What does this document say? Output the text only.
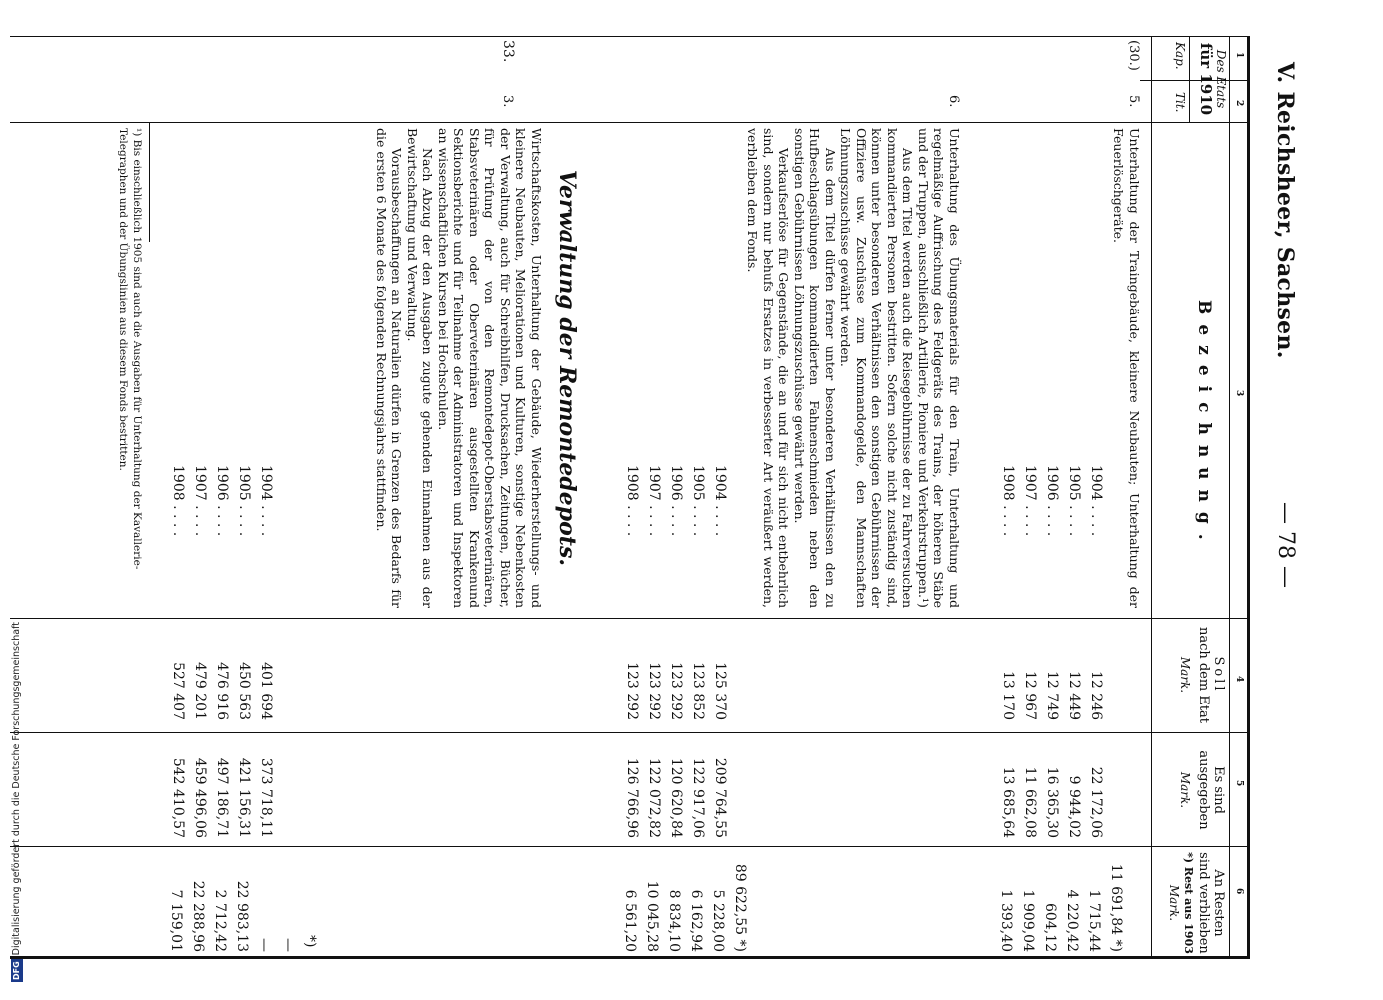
DFGDigitalisierung gefördert durch die Deutsche Forschungsgemeinschaft
V. Reichsheer, Sachsen.
— 78 —
1
2
3
4
5
6
Des Etats
für 1910
Kap.
Tit.
Bezeichnung.
Soll
nach dem Etat
Mark.
Es sind
ausgegeben
Mark.
An Resten
sind verblieben
*) Rest aus 1903
Mark.
(30.)
5.
Unterhaltung der Traingebäude, kleinere Neubauten; Unterhaltung der Feuerlöschgeräte.
1904 . . . .
1905 . . . .
1906 . . . .
1907 . . . .
1908 . . . .
12 246
12 449
12 749
12 967
13 170
22 172,06
9 944,02
16 365,30
11 662,08
13 685,64
11 691,84 *)
1 715,44
4 220,42
604,12
1 909,04
1 393,40
6.
Unterhaltung des Übungsmaterials für den Train, Unterhaltung und regelmäßige Auffrischung des Feldgeräts des Trains, der höheren Stäbe und der Truppen, ausschließlich Artillerie, Pioniere und Verkehrstruppen.¹)
Aus dem Titel werden auch die Reisegebührnisse der zu Fahrversuchen kommandierten Personen bestritten. Sofern solche nicht zuständig sind, können unter besonderen Verhältnissen den sonstigen Gebührnissen der Offiziere usw. Zuschüsse zum Kommandogelde, den Mannschaften Löhnungszuschüsse gewährt werden.
Aus dem Titel dürfen ferner unter besonderen Verhältnissen den zu Hufbeschlagsübungen kommandierten Fahnenschmieden neben den sonstigen Gebührnissen Löhnungszuschüsse gewährt werden.
Verkaufserlöse für Gegenstände, die an und für sich nicht entbehrlich sind, sondern nur behufs Ersatzes in verbesserter Art veräußert werden, verbleiben dem Fonds.
1904 . . . .
1905 . . . .
1906 . . . .
1907 . . . .
1908 . . . .
125 370
123 852
123 292
123 292
123 292
209 764,55
122 917,06
120 620,84
122 072,82
126 766,96
89 622,55 *)
5 228,00
6 162,94
8 834,10
10 045,28
6 561,20
33.
Verwaltung der Remontedepots.
3.
Wirtschaftskosten, Unterhaltung der Gebäude, Wiederherstellungs- und kleinere Neubauten, Meliorationen und Kulturen, sonstige Nebenkosten der Verwaltung, auch für Schreibhilfen, Drucksachen, Zeitungen, Bücher, für Prüfung der von den Remontedepot-Oberstabsveterinären, Stabsveterinären oder Oberveterinären ausgestellten Krankenund Sektionsberichte und für Teilnahme der Administratoren und Inspektoren an wissenschaftlichen Kursen bei Hochschulen.
Nach Abzug der den Ausgaben zugute gehenden Einnahmen aus der Bewirtschaftung und Verwaltung.
Vorausbeschaffungen an Naturalien dürfen in Grenzen des Bedarfs für die ersten 6 Monate des folgenden Rechnungsjahrs stattfinden.
1904 . . . .
1905 . . . .
1906 . . . .
1907 . . . .
1908 . . . .
401 694
450 563
476 916
479 201
527 407
373 718,11
421 156,31
497 186,71
459 496,06
542 410,57
—
—
22 983,13
2 712,42
22 288,96
7 159,01	*)
¹) Bis einschließlich 1905 sind auch die Ausgaben für Unterhaltung der Kavallerie-Telegraphen und der Übungslinien aus diesem Fonds bestritten.
